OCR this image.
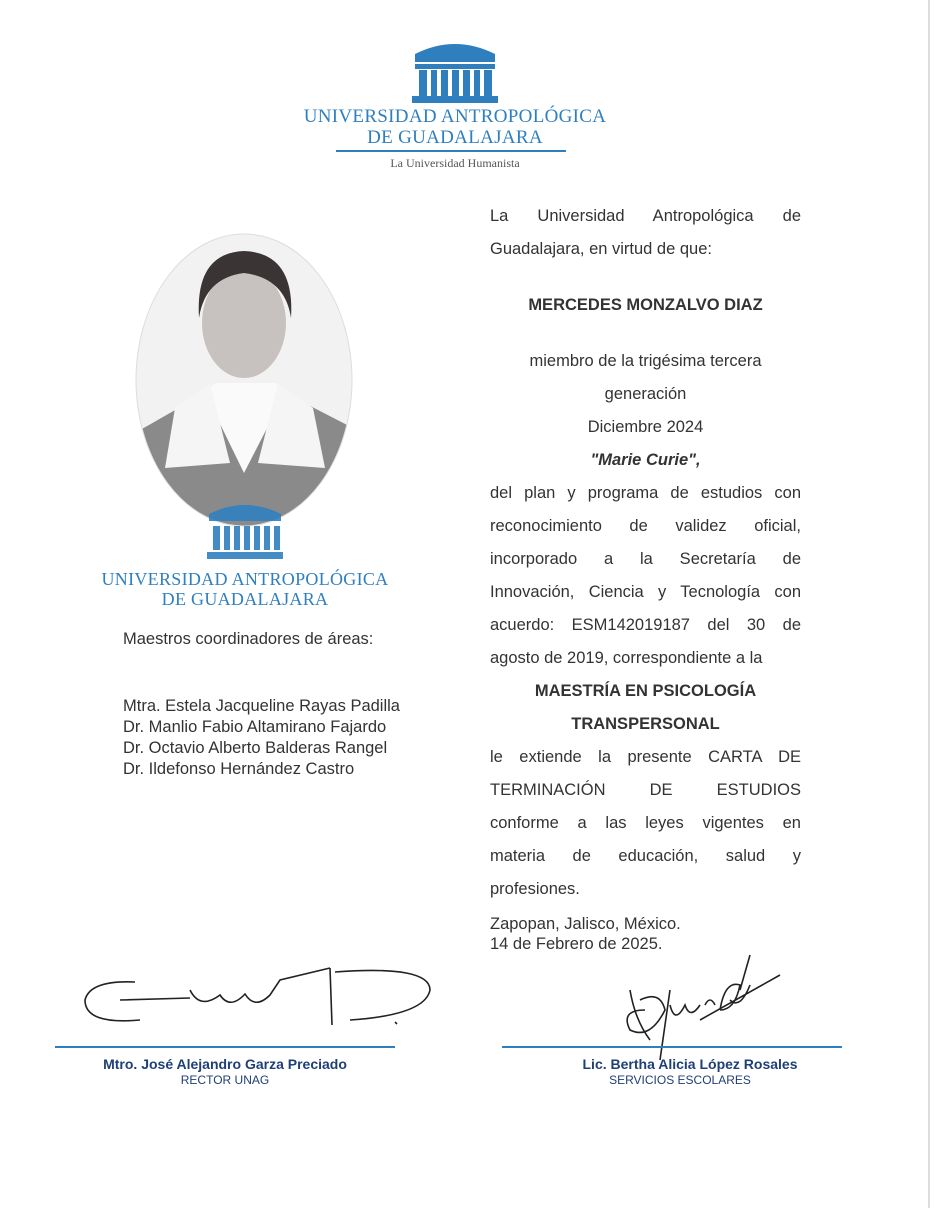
UNIVERSIDAD ANTROPOLÓGICA
DE GUADALAJARA
La Universidad Humanista
UNIVERSIDAD ANTROPOLÓGICA
DE GUADALAJARA
Maestros coordinadores de áreas:
Mtra. Estela Jacqueline Rayas Padilla
Dr. Manlio Fabio Altamirano Fajardo
Dr. Octavio Alberto Balderas Rangel
Dr. Ildefonso Hernández Castro
La Universidad Antropológica de
Guadalajara, en virtud de que:
MERCEDES MONZALVO DIAZ
miembro de la trigésima tercera
generación
Diciembre 2024
"Marie Curie",
del plan y programa de estudios con
reconocimiento de validez oficial,
incorporado a la Secretaría de
Innovación, Ciencia y Tecnología con
acuerdo: ESM142019187 del 30 de
agosto de 2019, correspondiente a la
MAESTRÍA EN PSICOLOGÍA
TRANSPERSONAL
le extiende la presente CARTA DE
TERMINACIÓN DE ESTUDIOS
conforme a las leyes vigentes en
materia de educación, salud y
profesiones.
Zapopan, Jalisco, México.
14 de Febrero de 2025.
Mtro. José Alejandro Garza Preciado
RECTOR UNAG
Lic. Bertha Alicia López Rosales
SERVICIOS ESCOLARES
